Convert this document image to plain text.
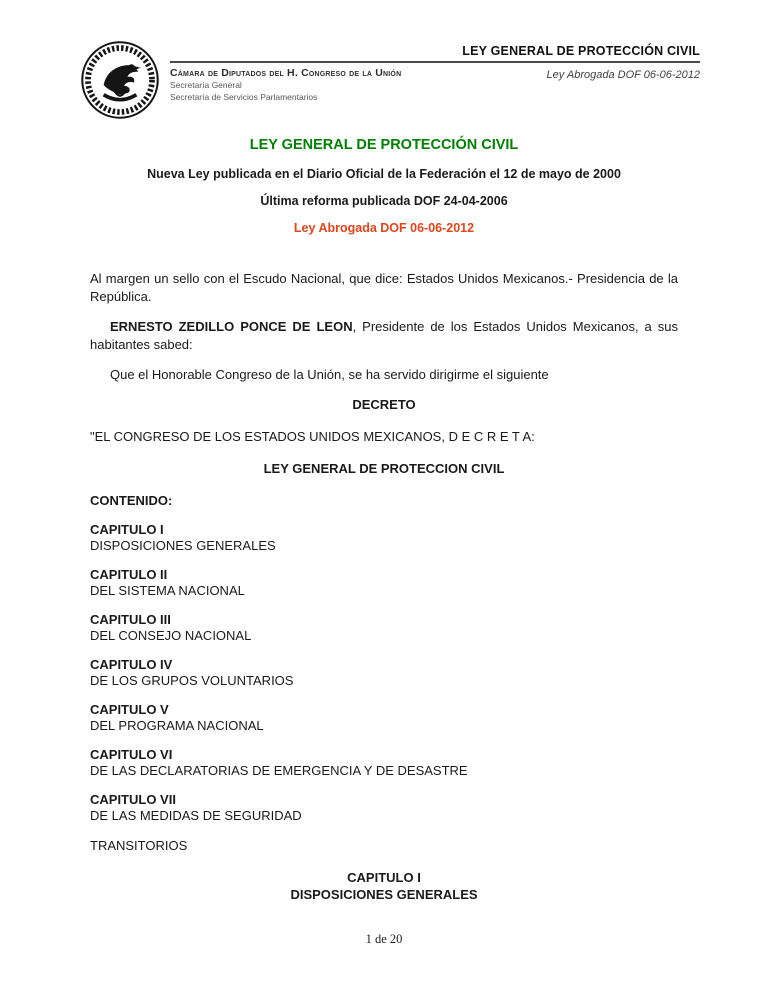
LEY GENERAL DE PROTECCIÓN CIVIL
Cámara de Diputados del H. Congreso de la Unión
Secretaría General
Secretaría de Servicios Parlamentarios
Ley Abrogada DOF 06-06-2012
LEY GENERAL DE PROTECCIÓN CIVIL
Nueva Ley publicada en el Diario Oficial de la Federación el 12 de mayo de 2000
Última reforma publicada DOF 24-04-2006
Ley Abrogada DOF 06-06-2012

Al margen un sello con el Escudo Nacional, que dice: Estados Unidos Mexicanos.- Presidencia de la República.

ERNESTO ZEDILLO PONCE DE LEON, Presidente de los Estados Unidos Mexicanos, a sus habitantes sabed:

Que el Honorable Congreso de la Unión, se ha servido dirigirme el siguiente

DECRETO

"EL CONGRESO DE LOS ESTADOS UNIDOS MEXICANOS, D E C R E T A:

LEY GENERAL DE PROTECCION CIVIL

CONTENIDO:

CAPITULO I
DISPOSICIONES GENERALES
CAPITULO II
DEL SISTEMA NACIONAL
CAPITULO III
DEL CONSEJO NACIONAL
CAPITULO IV
DE LOS GRUPOS VOLUNTARIOS
CAPITULO V
DEL PROGRAMA NACIONAL
CAPITULO VI
DE LAS DECLARATORIAS DE EMERGENCIA Y DE DESASTRE
CAPITULO VII
DE LAS MEDIDAS DE SEGURIDAD

TRANSITORIOS

CAPITULO I
DISPOSICIONES GENERALES
1 de 20
